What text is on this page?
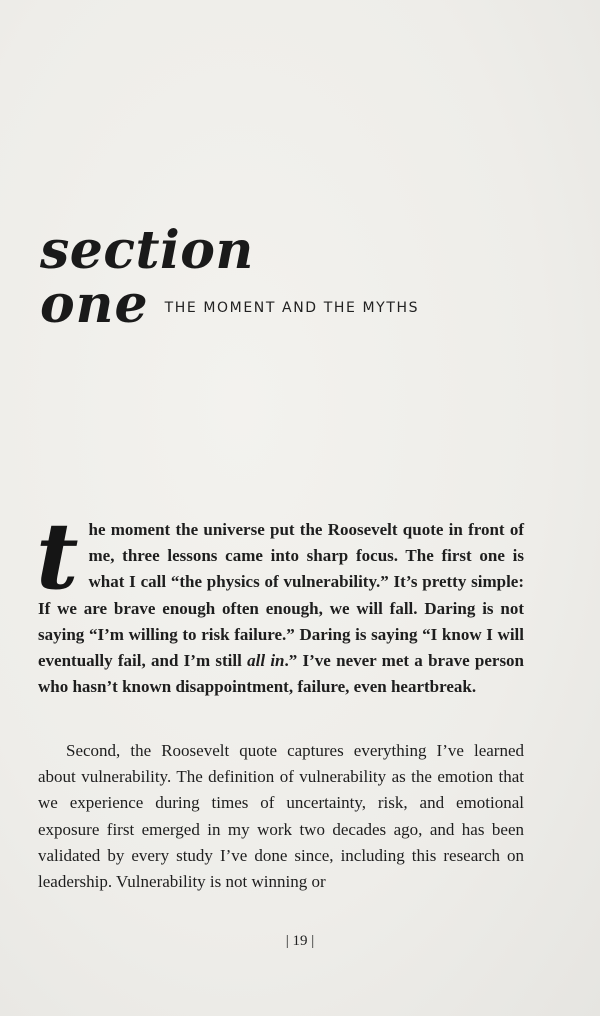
section
one THE MOMENT AND THE MYTHS
the moment the universe put the Roosevelt quote in front of me, three lessons came into sharp focus. The first one is what I call “the physics of vulnerability.” It’s pretty simple: If we are brave enough often enough, we will fall. Daring is not saying “I’m willing to risk failure.” Daring is saying “I know I will eventually fail, and I’m still all in.” I’ve never met a brave person who hasn’t known disappointment, failure, even heartbreak.
Second, the Roosevelt quote captures everything I’ve learned about vulnerability. The definition of vulnerability as the emotion that we experience during times of uncertainty, risk, and emotional exposure first emerged in my work two decades ago, and has been validated by every study I’ve done since, including this research on leadership. Vulnerability is not winning or
| 19 |
